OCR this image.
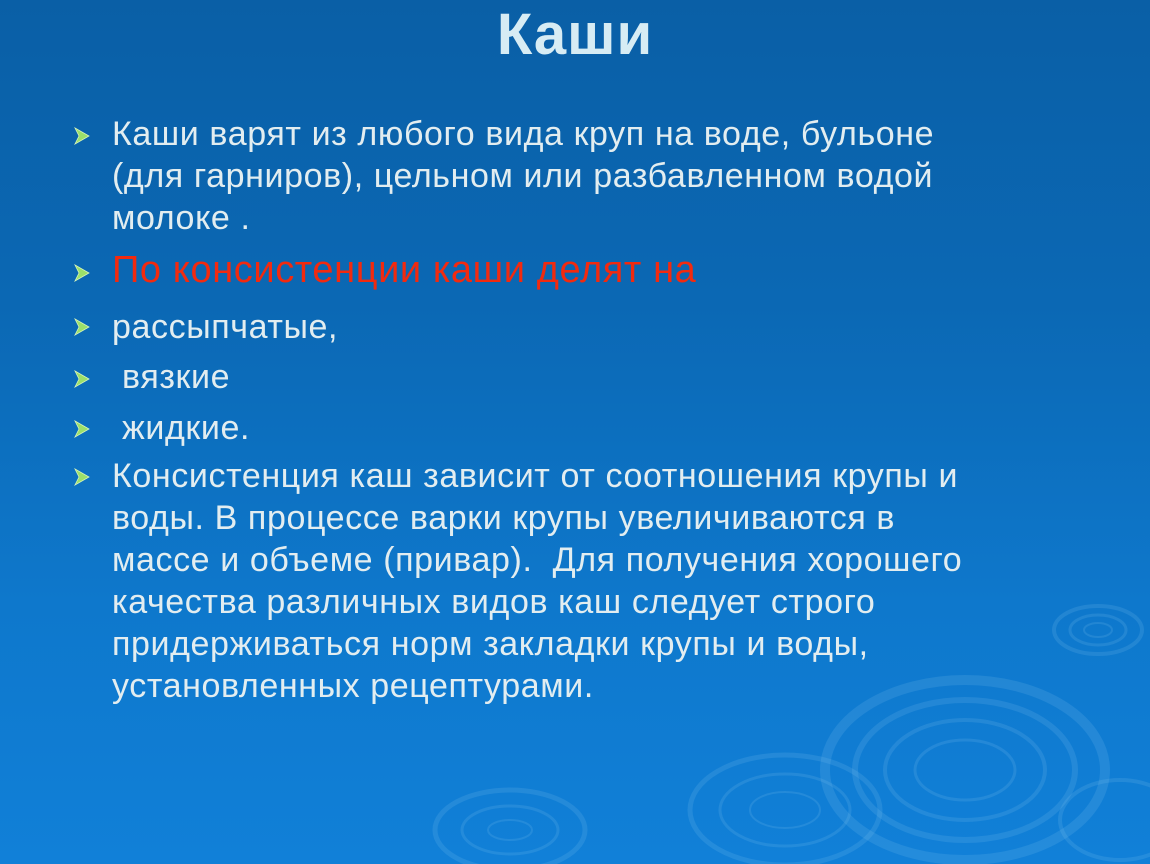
Каши
Каши варят из любого вида круп на воде, бульоне
(для гарниров), цельном или разбавленном водой
молоке .
По консистенции каши делят на
рассыпчатые,
вязкие
жидкие.
Консистенция каш зависит от соотношения крупы и
воды. В процессе варки крупы увеличиваются в
массе и объеме (привар).  Для получения хорошего
качества различных видов каш следует строго
придерживаться норм закладки крупы и воды,
установленных рецептурами.
